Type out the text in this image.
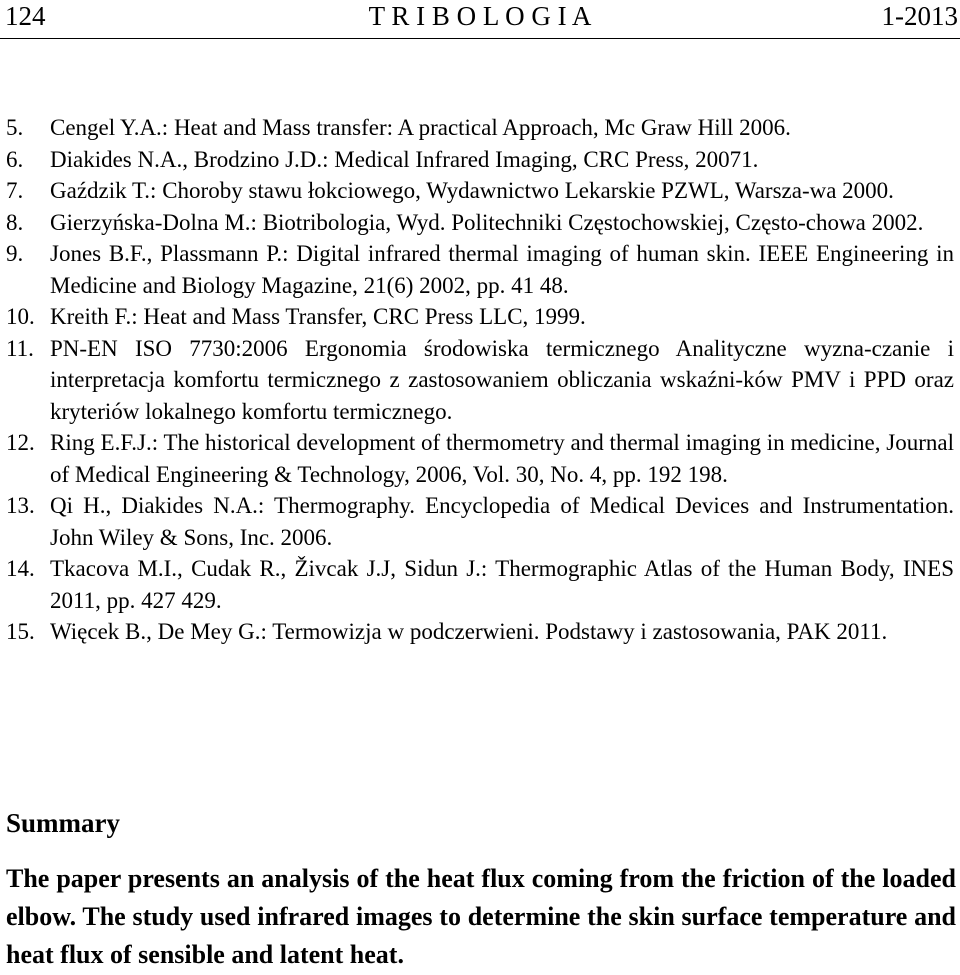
124	T R I B O L O G I A	1-2013
5. Cengel Y.A.: Heat and Mass transfer: A practical Approach, Mc Graw Hill 2006.
6. Diakides N.A., Brodzino J.D.: Medical Infrared Imaging, CRC Press, 20071.
7. Gaździk T.: Choroby stawu łokciowego, Wydawnictwo Lekarskie PZWL, Warsza-wa 2000.
8. Gierzyńska-Dolna M.: Biotribologia, Wyd. Politechniki Częstochowskiej, Często-chowa 2002.
9. Jones B.F., Plassmann P.: Digital infrared thermal imaging of human skin. IEEE Engineering in Medicine and Biology Magazine, 21(6) 2002, pp. 41 48.
10. Kreith F.: Heat and Mass Transfer, CRC Press LLC, 1999.
11. PN-EN ISO 7730:2006 Ergonomia środowiska termicznego Analityczne wyzna-czanie i interpretacja komfortu termicznego z zastosowaniem obliczania wskaźni-ków PMV i PPD oraz kryteriów lokalnego komfortu termicznego.
12. Ring E.F.J.: The historical development of thermometry and thermal imaging in medicine, Journal of Medical Engineering & Technology, 2006, Vol. 30, No. 4, pp. 192 198.
13. Qi H., Diakides N.A.: Thermography. Encyclopedia of Medical Devices and Instrumentation. John Wiley & Sons, Inc. 2006.
14. Tkacova M.I., Cudak R., Živcak J.J, Sidun J.: Thermographic Atlas of the Human Body, INES 2011, pp. 427 429.
15. Więcek B., De Mey G.: Termowizja w podczerwieni. Podstawy i zastosowania, PAK 2011.
Summary
The paper presents an analysis of the heat flux coming from the friction of the loaded elbow. The study used infrared images to determine the skin surface temperature and heat flux of sensible and latent heat.
